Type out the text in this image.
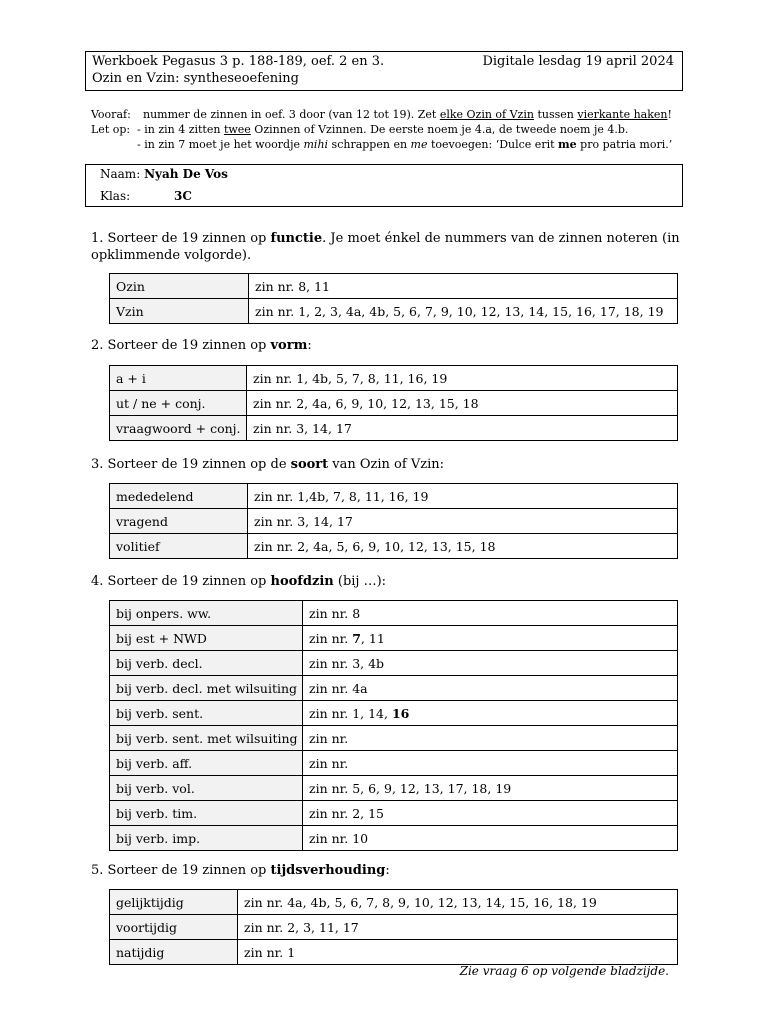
Werkboek Pegasus 3 p. 188-189, oef. 2 en 3.
Ozin en Vzin: syntheseoefening
Digitale lesdag 19 april 2024
Vooraf: nummer de zinnen in oef. 3 door (van 12 tot 19). Zet elke Ozin of Vzin tussen vierkante haken!
Let op: - in zin 4 zitten twee Ozinnen of Vzinnen. De eerste noem je 4.a, de tweede noem je 4.b.
- in zin 7 moet je het woordje mihi schrappen en me toevoegen: ‘Dulce erit me pro patria mori.’
Naam: Nyah De Vos
Klas:	3C
1. Sorteer de 19 zinnen op functie. Je moet énkel de nummers van de zinnen noteren (in
opklimmende volgorde).
Ozin	zin nr. 8, 11
Vzin	zin nr. 1, 2, 3, 4a, 4b, 5, 6, 7, 9, 10, 12, 13, 14, 15, 16, 17, 18, 19
2. Sorteer de 19 zinnen op vorm:
a + i	zin nr. 1, 4b, 5, 7, 8, 11, 16, 19
ut / ne + conj.	zin nr. 2, 4a, 6, 9, 10, 12, 13, 15, 18
vraagwoord + conj.	zin nr. 3, 14, 17
3. Sorteer de 19 zinnen op de soort van Ozin of Vzin:
mededelend	zin nr. 1,4b, 7, 8, 11, 16, 19
vragend	zin nr. 3, 14, 17
volitief	zin nr. 2, 4a, 5, 6, 9, 10, 12, 13, 15, 18
4. Sorteer de 19 zinnen op hoofdzin (bij …):
bij onpers. ww.	zin nr. 8
bij est + NWD	zin nr. 7, 11
bij verb. decl.	zin nr. 3, 4b
bij verb. decl. met wilsuiting	zin nr. 4a
bij verb. sent.	zin nr. 1, 14, 16
bij verb. sent. met wilsuiting	zin nr.
bij verb. aff.	zin nr.
bij verb. vol.	zin nr. 5, 6, 9, 12, 13, 17, 18, 19
bij verb. tim.	zin nr. 2, 15
bij verb. imp.	zin nr. 10
5. Sorteer de 19 zinnen op tijdsverhouding:
gelijktijdig	zin nr. 4a, 4b, 5, 6, 7, 8, 9, 10, 12, 13, 14, 15, 16, 18, 19
voortijdig	zin nr. 2, 3, 11, 17
natijdig	zin nr. 1
Zie vraag 6 op volgende bladzijde.
